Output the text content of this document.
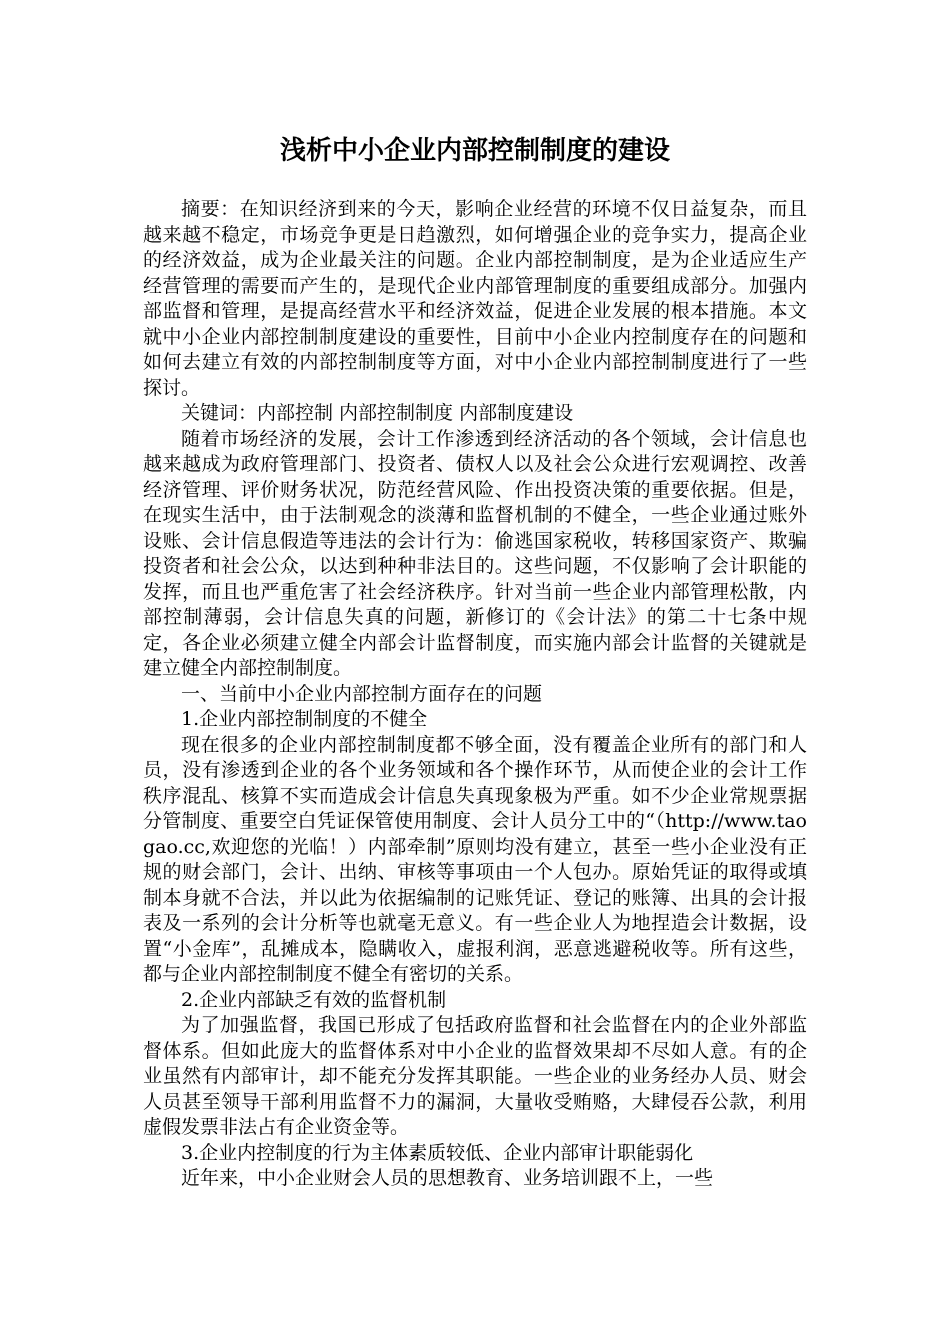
浅析中小企业内部控制制度的建设

摘要：在知识经济到来的今天，影响企业经营的环境不仅日益复杂，而且越来越不稳定，市场竞争更是日趋激烈，如何增强企业的竞争实力，提高企业的经济效益，成为企业最关注的问题。企业内部控制制度，是为企业适应生产经营管理的需要而产生的，是现代企业内部管理制度的重要组成部分。加强内部监督和管理，是提高经营水平和经济效益，促进企业发展的根本措施。本文就中小企业内部控制制度建设的重要性，目前中小企业内控制度存在的问题和如何去建立有效的内部控制制度等方面，对中小企业内部控制制度进行了一些探讨。

关键词：内部控制 内部控制制度 内部制度建设

随着市场经济的发展，会计工作渗透到经济活动的各个领域，会计信息也越来越成为政府管理部门、投资者、债权人以及社会公众进行宏观调控、改善经济管理、评价财务状况，防范经营风险、作出投资决策的重要依据。但是，在现实生活中，由于法制观念的淡薄和监督机制的不健全，一些企业通过账外设账、会计信息假造等违法的会计行为：偷逃国家税收，转移国家资产、欺骗投资者和社会公众，以达到种种非法目的。这些问题，不仅影响了会计职能的发挥，而且也严重危害了社会经济秩序。针对当前一些企业内部管理松散，内部控制薄弱，会计信息失真的问题，新修订的《会计法》的第二十七条中规定，各企业必须建立健全内部会计监督制度，而实施内部会计监督的关键就是建立健全内部控制制度。

一、当前中小企业内部控制方面存在的问题

1.企业内部控制制度的不健全

现在很多的企业内部控制制度都不够全面，没有覆盖企业所有的部门和人员，没有渗透到企业的各个业务领域和各个操作环节，从而使企业的会计工作秩序混乱、核算不实而造成会计信息失真现象极为严重。如不少企业常规票据分管制度、重要空白凭证保管使用制度、会计人员分工中的“（http://www.taogao.cc,欢迎您的光临！）内部牵制”原则均没有建立，甚至一些小企业没有正规的财会部门，会计、出纳、审核等事项由一个人包办。原始凭证的取得或填制本身就不合法，并以此为依据编制的记账凭证、登记的账簿、出具的会计报表及一系列的会计分析等也就毫无意义。有一些企业人为地捏造会计数据，设置“小金库”，乱摊成本，隐瞒收入，虚报利润，恶意逃避税收等。所有这些，都与企业内部控制制度不健全有密切的关系。

2.企业内部缺乏有效的监督机制

为了加强监督，我国已形成了包括政府监督和社会监督在内的企业外部监督体系。但如此庞大的监督体系对中小企业的监督效果却不尽如人意。有的企业虽然有内部审计，却不能充分发挥其职能。一些企业的业务经办人员、财会人员甚至领导干部利用监督不力的漏洞，大量收受贿赂，大肆侵吞公款，利用虚假发票非法占有企业资金等。

3.企业内控制度的行为主体素质较低、企业内部审计职能弱化

近年来，中小企业财会人员的思想教育、业务培训跟不上，一些
